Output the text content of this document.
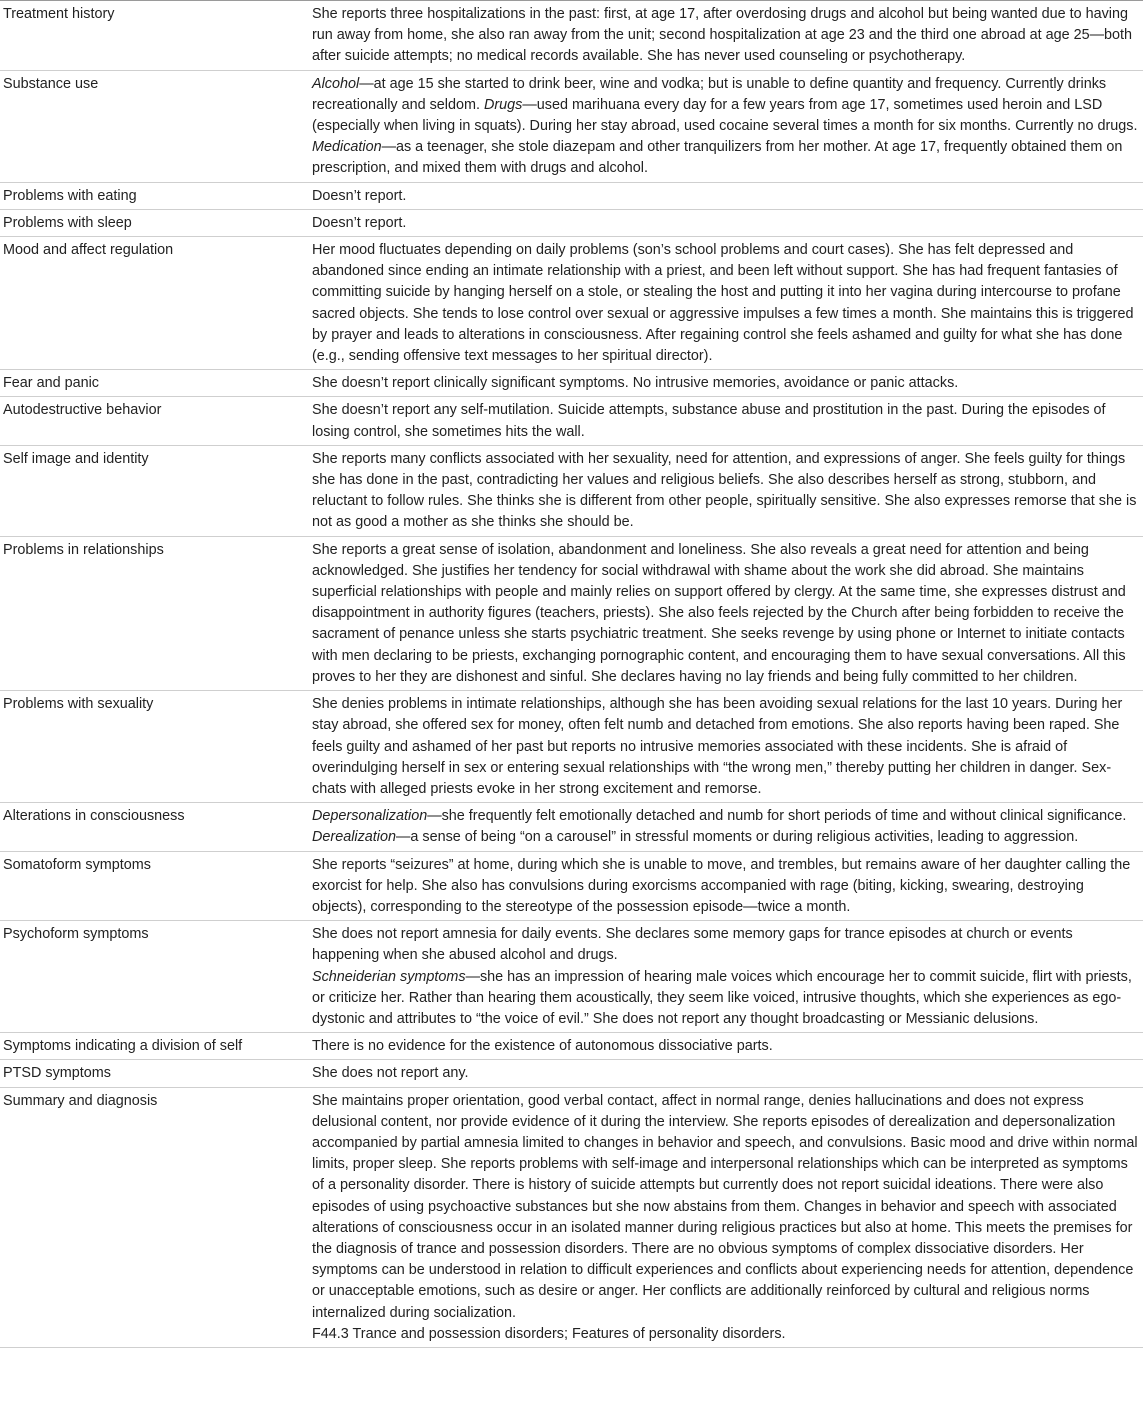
Treatment history	She reports three hospitalizations in the past: first, at age 17, after overdosing drugs and alcohol but being wanted due to having run away from home, she also ran away from the unit; second hospitalization at age 23 and the third one abroad at age 25—both after suicide attempts; no medical records available. She has never used counseling or psychotherapy.

Substance use	Alcohol—at age 15 she started to drink beer, wine and vodka; but is unable to define quantity and frequency. Currently drinks recreationally and seldom. Drugs—used marihuana every day for a few years from age 17, sometimes used heroin and LSD (especially when living in squats). During her stay abroad, used cocaine several times a month for six months. Currently no drugs. Medication—as a teenager, she stole diazepam and other tranquilizers from her mother. At age 17, frequently obtained them on prescription, and mixed them with drugs and alcohol.

Problems with eating	Doesn’t report.

Problems with sleep	Doesn’t report.

Mood and affect regulation	Her mood fluctuates depending on daily problems (son’s school problems and court cases). She has felt depressed and abandoned since ending an intimate relationship with a priest, and been left without support. She has had frequent fantasies of committing suicide by hanging herself on a stole, or stealing the host and putting it into her vagina during intercourse to profane sacred objects. She tends to lose control over sexual or aggressive impulses a few times a month. She maintains this is triggered by prayer and leads to alterations in consciousness. After regaining control she feels ashamed and guilty for what she has done (e.g., sending offensive text messages to her spiritual director).

Fear and panic	She doesn’t report clinically significant symptoms. No intrusive memories, avoidance or panic attacks.

Autodestructive behavior	She doesn’t report any self-mutilation. Suicide attempts, substance abuse and prostitution in the past. During the episodes of losing control, she sometimes hits the wall.

Self image and identity	She reports many conflicts associated with her sexuality, need for attention, and expressions of anger. She feels guilty for things she has done in the past, contradicting her values and religious beliefs. She also describes herself as strong, stubborn, and reluctant to follow rules. She thinks she is different from other people, spiritually sensitive. She also expresses remorse that she is not as good a mother as she thinks she should be.

Problems in relationships	She reports a great sense of isolation, abandonment and loneliness. She also reveals a great need for attention and being acknowledged. She justifies her tendency for social withdrawal with shame about the work she did abroad. She maintains superficial relationships with people and mainly relies on support offered by clergy. At the same time, she expresses distrust and disappointment in authority figures (teachers, priests). She also feels rejected by the Church after being forbidden to receive the sacrament of penance unless she starts psychiatric treatment. She seeks revenge by using phone or Internet to initiate contacts with men declaring to be priests, exchanging pornographic content, and encouraging them to have sexual conversations. All this proves to her they are dishonest and sinful. She declares having no lay friends and being fully committed to her children.

Problems with sexuality	She denies problems in intimate relationships, although she has been avoiding sexual relations for the last 10 years. During her stay abroad, she offered sex for money, often felt numb and detached from emotions. She also reports having been raped. She feels guilty and ashamed of her past but reports no intrusive memories associated with these incidents. She is afraid of overindulging herself in sex or entering sexual relationships with “the wrong men,” thereby putting her children in danger. Sex-chats with alleged priests evoke in her strong excitement and remorse.

Alterations in consciousness	Depersonalization—she frequently felt emotionally detached and numb for short periods of time and without clinical significance. Derealization—a sense of being “on a carousel” in stressful moments or during religious activities, leading to aggression.

Somatoform symptoms	She reports “seizures” at home, during which she is unable to move, and trembles, but remains aware of her daughter calling the exorcist for help. She also has convulsions during exorcisms accompanied with rage (biting, kicking, swearing, destroying objects), corresponding to the stereotype of the possession episode—twice a month.

Psychoform symptoms	She does not report amnesia for daily events. She declares some memory gaps for trance episodes at church or events happening when she abused alcohol and drugs.
Schneiderian symptoms—she has an impression of hearing male voices which encourage her to commit suicide, flirt with priests, or criticize her. Rather than hearing them acoustically, they seem like voiced, intrusive thoughts, which she experiences as ego-dystonic and attributes to “the voice of evil.” She does not report any thought broadcasting or Messianic delusions.

Symptoms indicating a division of self	There is no evidence for the existence of autonomous dissociative parts.

PTSD symptoms	She does not report any.

Summary and diagnosis	She maintains proper orientation, good verbal contact, affect in normal range, denies hallucinations and does not express delusional content, nor provide evidence of it during the interview. She reports episodes of derealization and depersonalization accompanied by partial amnesia limited to changes in behavior and speech, and convulsions. Basic mood and drive within normal limits, proper sleep. She reports problems with self-image and interpersonal relationships which can be interpreted as symptoms of a personality disorder. There is history of suicide attempts but currently does not report suicidal ideations. There were also episodes of using psychoactive substances but she now abstains from them. Changes in behavior and speech with associated alterations of consciousness occur in an isolated manner during religious practices but also at home. This meets the premises for the diagnosis of trance and possession disorders. There are no obvious symptoms of complex dissociative disorders. Her symptoms can be understood in relation to difficult experiences and conflicts about experiencing needs for attention, dependence or unacceptable emotions, such as desire or anger. Her conflicts are additionally reinforced by cultural and religious norms internalized during socialization.
F44.3 Trance and possession disorders; Features of personality disorders.
